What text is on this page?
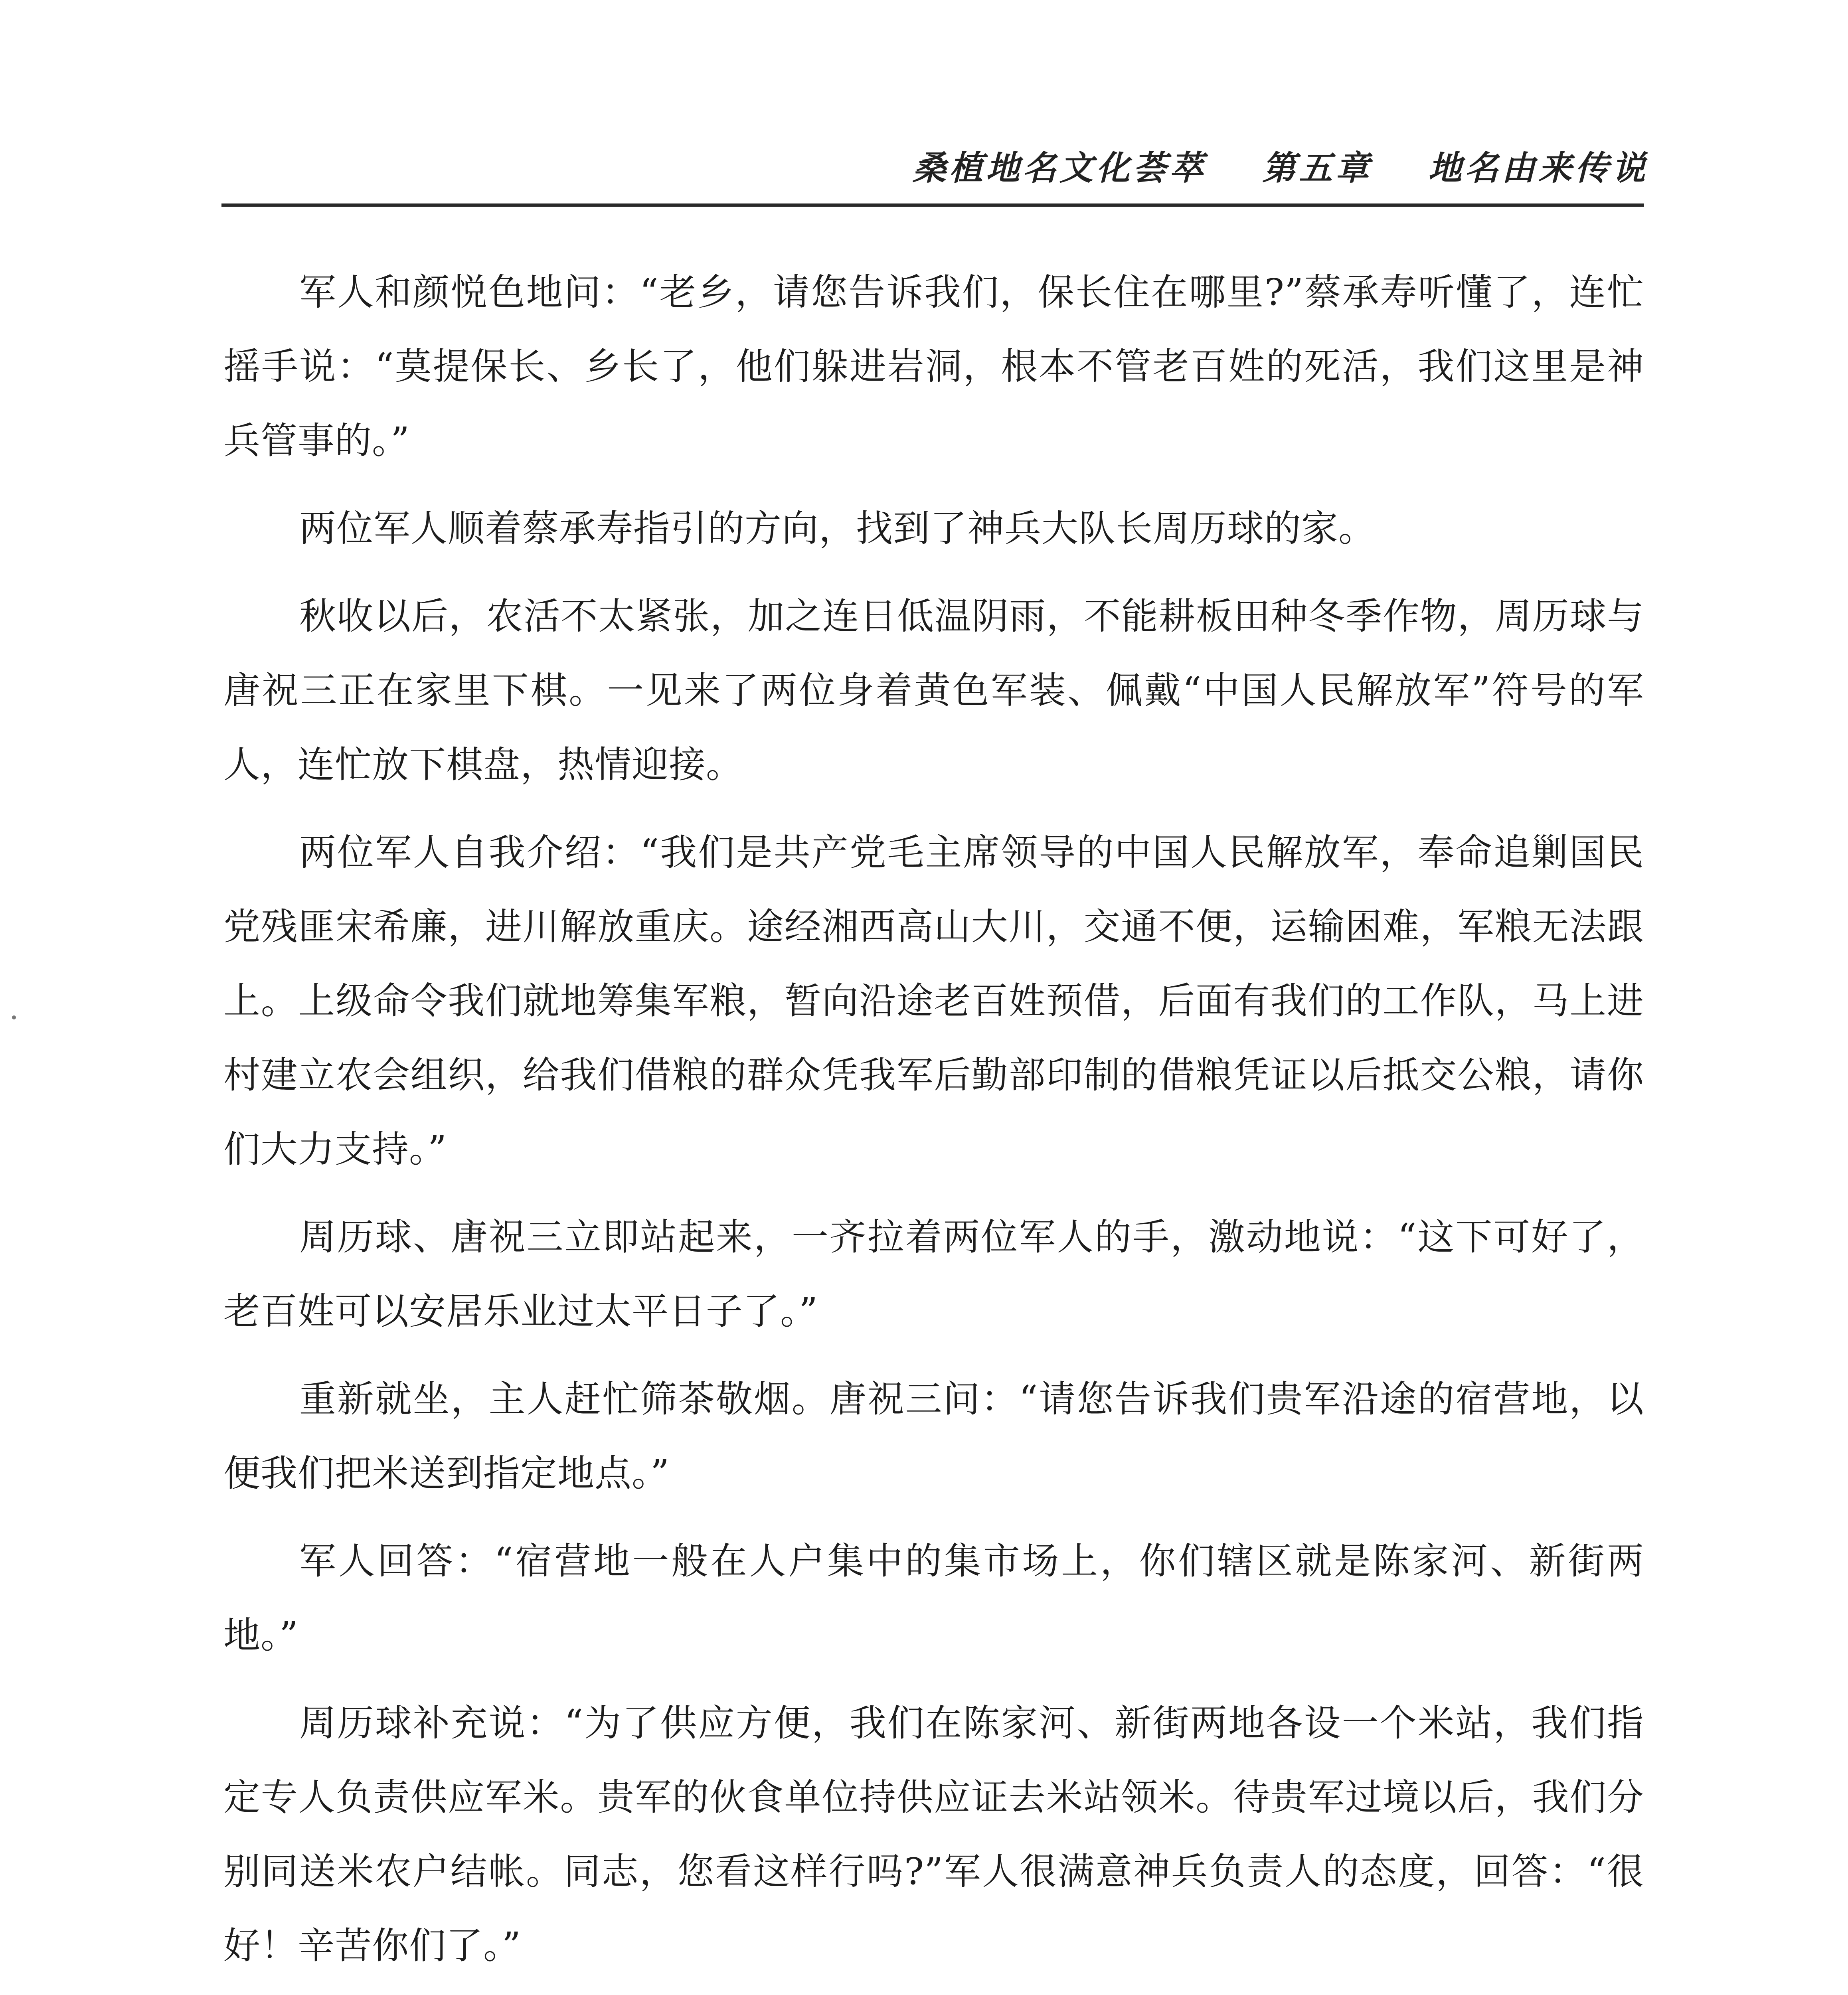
桑植地名文化荟萃 第五章 地名由来传说

军人和颜悦色地问：“老乡，请您告诉我们，保长住在哪里?”蔡承寿听懂了，连忙摇手说：“莫提保长、乡长了，他们躲进岩洞，根本不管老百姓的死活，我们这里是神兵管事的。”

两位军人顺着蔡承寿指引的方向，找到了神兵大队长周历球的家。

秋收以后，农活不太紧张，加之连日低温阴雨，不能耕板田种冬季作物，周历球与唐祝三正在家里下棋。一见来了两位身着黄色军装、佩戴“中国人民解放军”符号的军人，连忙放下棋盘，热情迎接。

两位军人自我介绍：“我们是共产党毛主席领导的中国人民解放军，奉命追剿国民党残匪宋希廉，进川解放重庆。途经湘西高山大川，交通不便，运输困难，军粮无法跟上。上级命令我们就地筹集军粮，暂向沿途老百姓预借，后面有我们的工作队，马上进村建立农会组织，给我们借粮的群众凭我军后勤部印制的借粮凭证以后抵交公粮，请你们大力支持。”

周历球、唐祝三立即站起来，一齐拉着两位军人的手，激动地说：“这下可好了，老百姓可以安居乐业过太平日子了。”

重新就坐，主人赶忙筛茶敬烟。唐祝三问：“请您告诉我们贵军沿途的宿营地，以便我们把米送到指定地点。”

军人回答：“宿营地一般在人户集中的集市场上，你们辖区就是陈家河、新街两地。”

周历球补充说：“为了供应方便，我们在陈家河、新街两地各设一个米站，我们指定专人负责供应军米。贵军的伙食单位持供应证去米站领米。待贵军过境以后，我们分别同送米农户结帐。同志，您看这样行吗?”军人很满意神兵负责人的态度，回答：“很好！辛苦你们了。”
